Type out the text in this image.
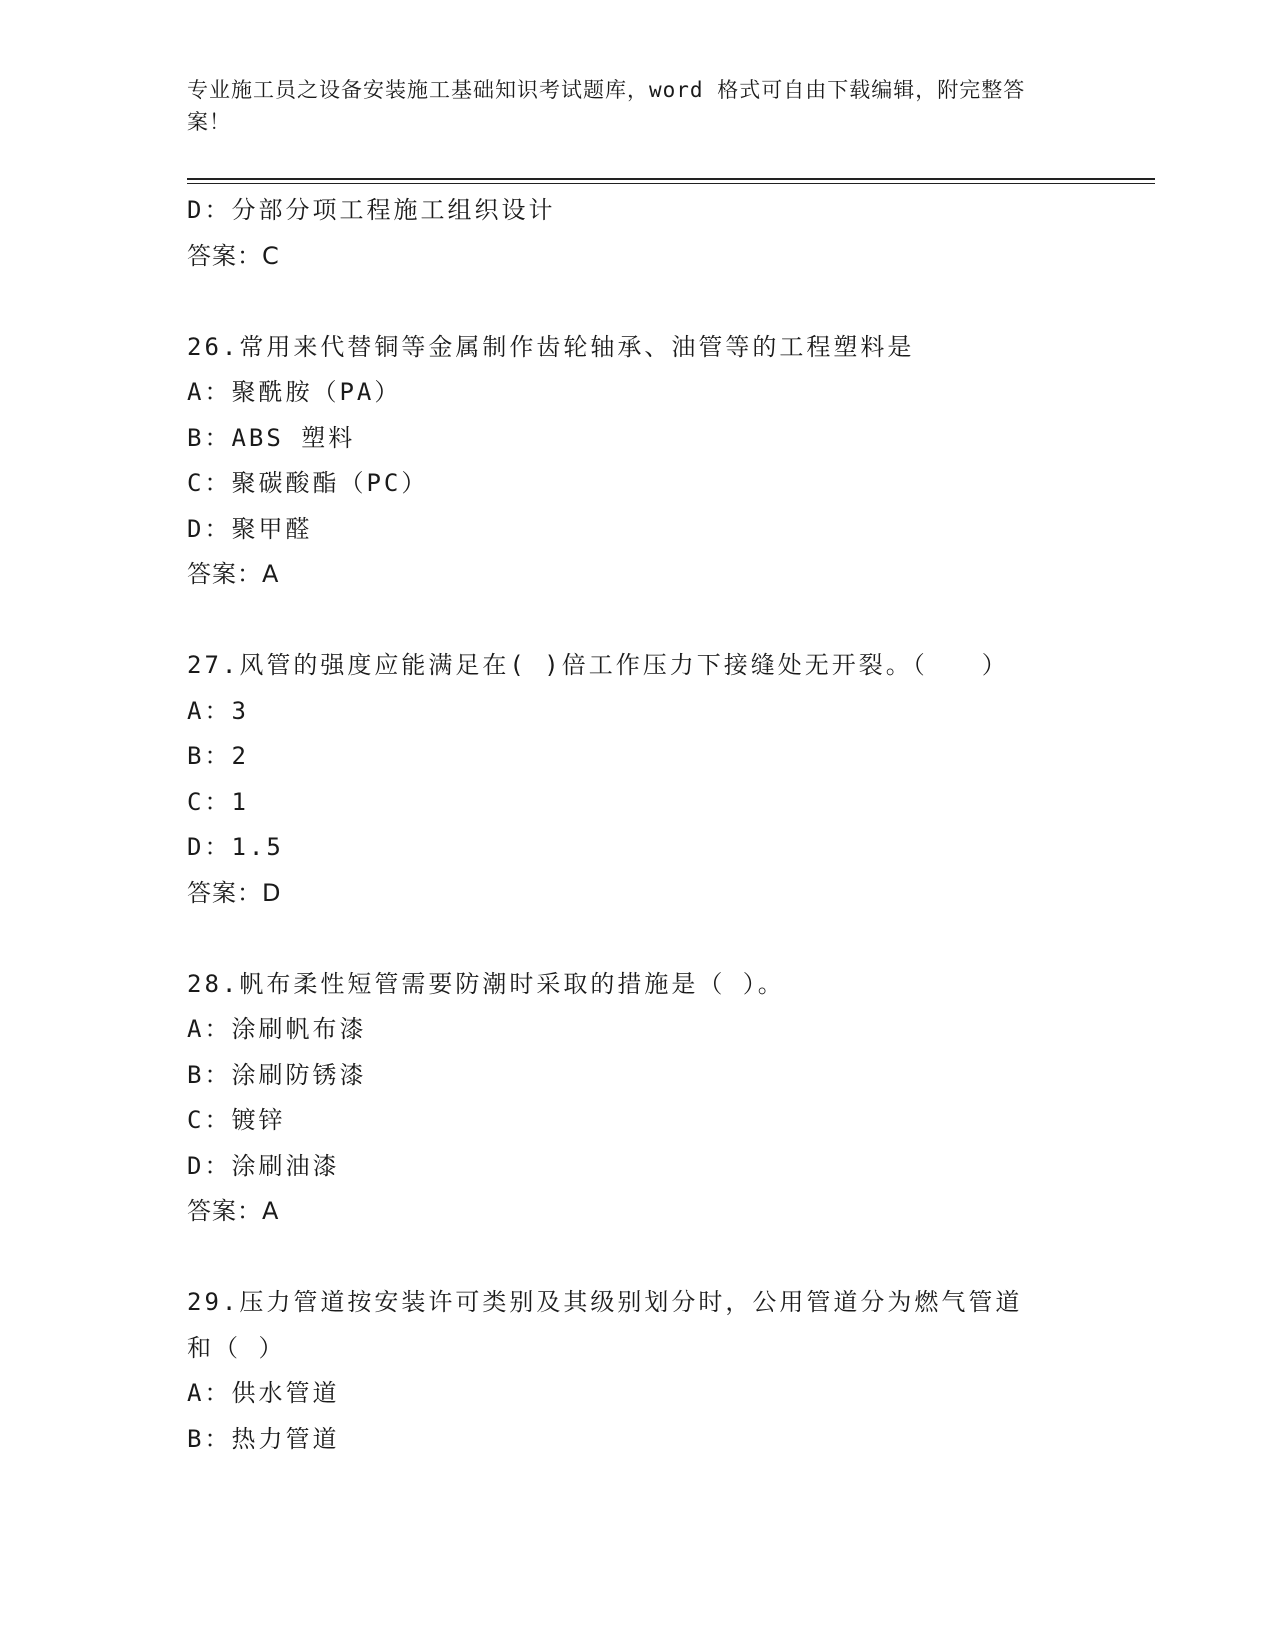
专业施工员之设备安装施工基础知识考试题库，word 格式可自由下载编辑，附完整答案！
D：分部分项工程施工组织设计
答案：C
26.常用来代替铜等金属制作齿轮轴承、油管等的工程塑料是
A：聚酰胺（PA）
B：ABS 塑料
C：聚碳酸酯（PC）
D：聚甲醛
答案：A
27.风管的强度应能满足在( )倍工作压力下接缝处无开裂。（　　）
A：3
B：2
C：1
D：1.5
答案：D
28.帆布柔性短管需要防潮时采取的措施是（ ）。
A：涂刷帆布漆
B：涂刷防锈漆
C：镀锌
D：涂刷油漆
答案：A
29.压力管道按安装许可类别及其级别划分时，公用管道分为燃气管道
和（ ）
A：供水管道
B：热力管道
